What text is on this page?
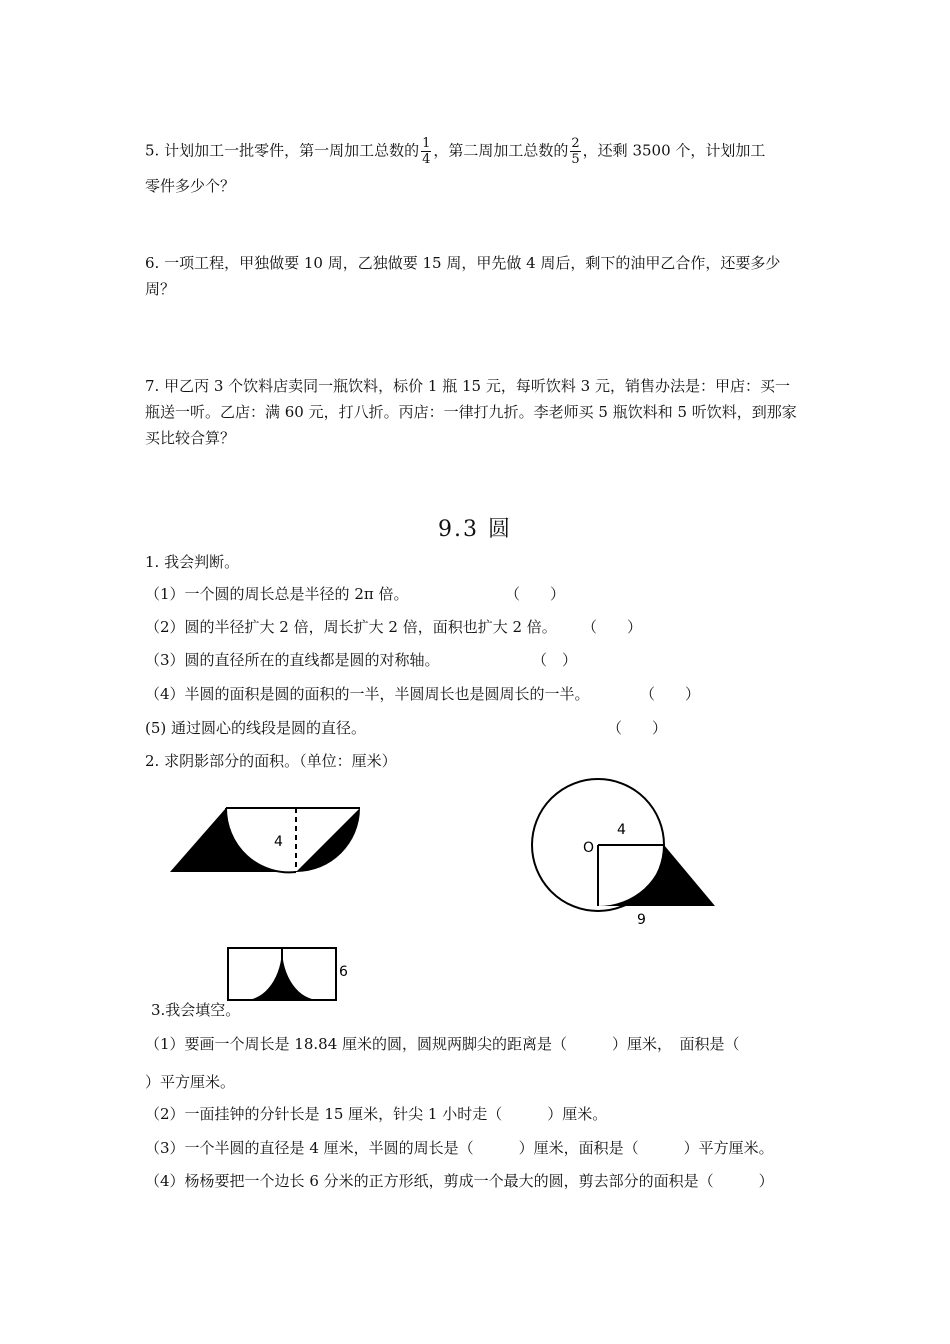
5. 计划加工一批零件，第一周加工总数的 $\frac{1}{4}$ ，第二周加工总数的 $\frac{2}{5}$ ，还剩 3500 个，计划加工
零件多少个？
6. 一项工程，甲独做要 10 周，乙独做要 15 周，甲先做 4 周后，剩下的油甲乙合作，还要多少
周？
7. 甲乙丙 3 个饮料店卖同一瓶饮料，标价 1 瓶 15 元，每听饮料 3 元，销售办法是：甲店：买一
瓶送一听。乙店：满 60 元，打八折。丙店：一律打九折。李老师买 5 瓶饮料和 5 听饮料，到那家
买比较合算？
9.3 圆
1. 我会判断。
（1）一个圆的周长总是半径的 2π 倍。	（　　）
（2）圆的半径扩大 2 倍，周长扩大 2 倍，面积也扩大 2 倍。 （　　）
（3）圆的直径所在的直线都是圆的对称轴。	（　）
（4）半圆的面积是圆的面积的一半，半圆周长也是圆周长的一半。	（　　）
(5) 通过圆心的线段是圆的直径。	（　　）
2. 求阴影部分的面积。（单位：厘米）
4
4
O
9
6
3.我会填空。
（1）要画一个周长是 18.84 厘米的圆，圆规两脚尖的距离是（　　　）厘米，　面积是（
）平方厘米。
（2）一面挂钟的分针长是 15 厘米，针尖 1 小时走（　　　）厘米。
（3）一个半圆的直径是 4 厘米，半圆的周长是（　　　）厘米，面积是（　　　）平方厘米。
（4）杨杨要把一个边长 6 分米的正方形纸，剪成一个最大的圆，剪去部分的面积是（　　　）
